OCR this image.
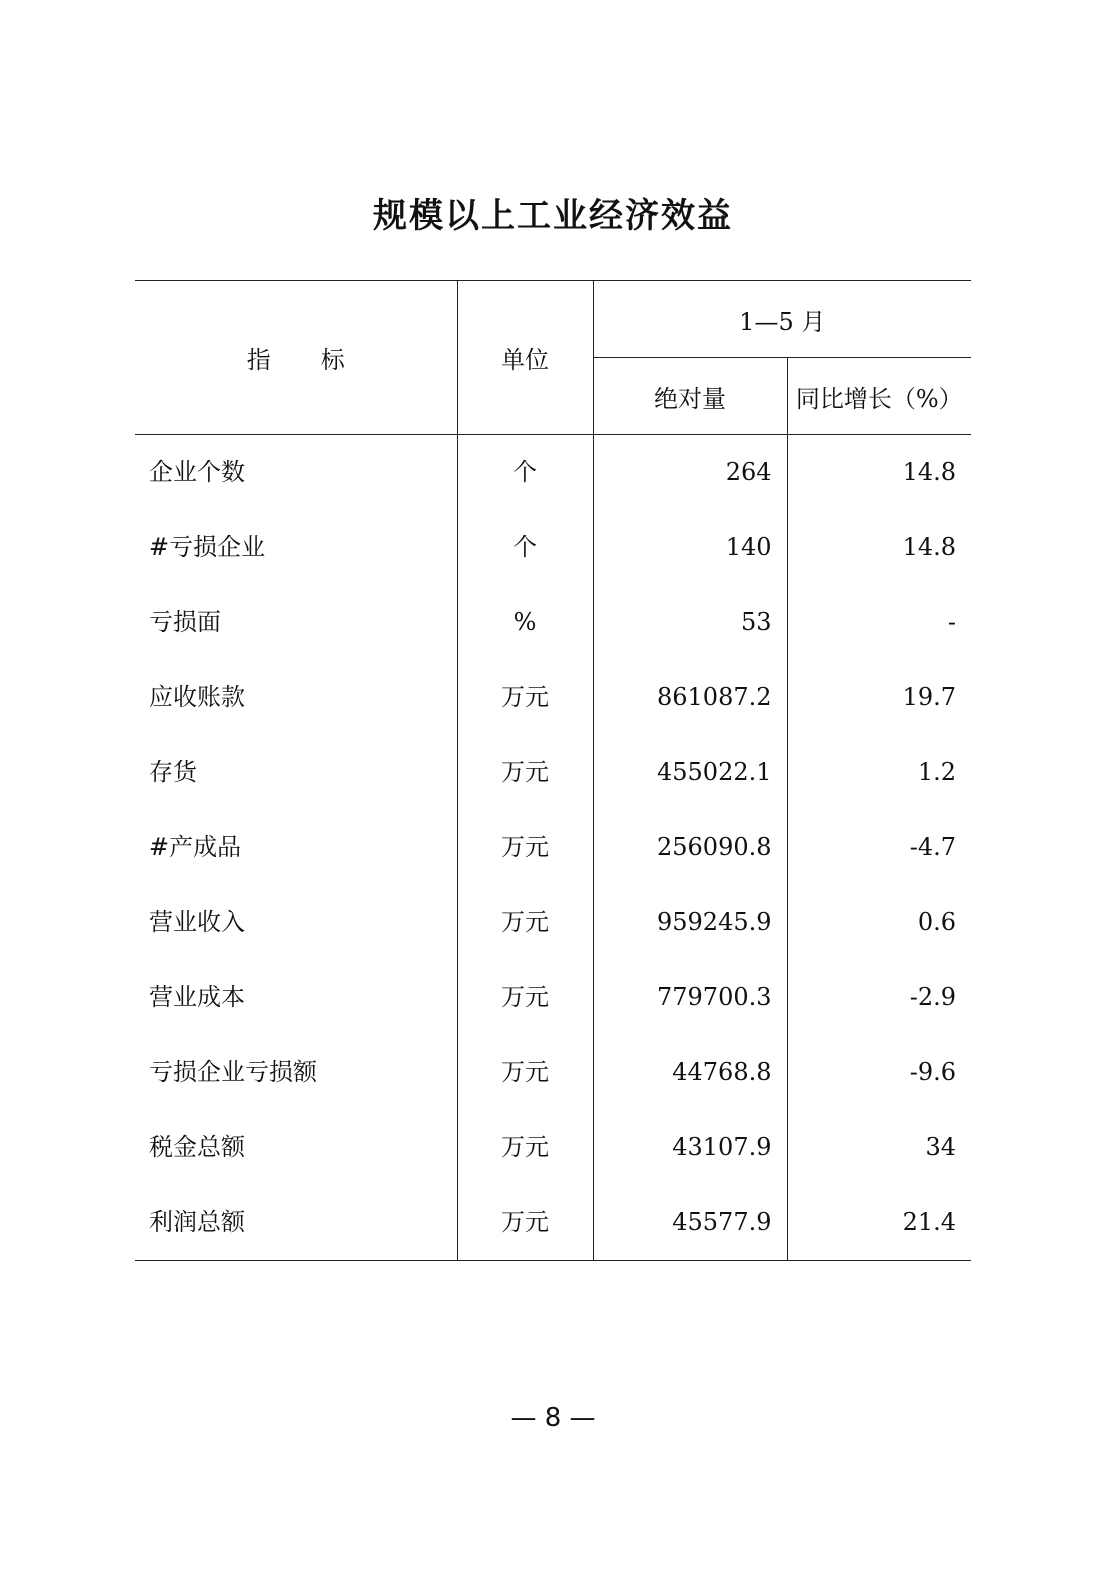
规模以上工业经济效益
指 标	单位	1—5 月	
		绝对量	同比增长（%）
企业个数	个	264	14.8
#亏损企业	个	140	14.8
亏损面	%	53	-
应收账款	万元	861087.2	19.7
存货	万元	455022.1	1.2
#产成品	万元	256090.8	-4.7
营业收入	万元	959245.9	0.6
营业成本	万元	779700.3	-2.9
亏损企业亏损额	万元	44768.8	-9.6
税金总额	万元	43107.9	34
利润总额	万元	45577.9	21.4
— 8 —
